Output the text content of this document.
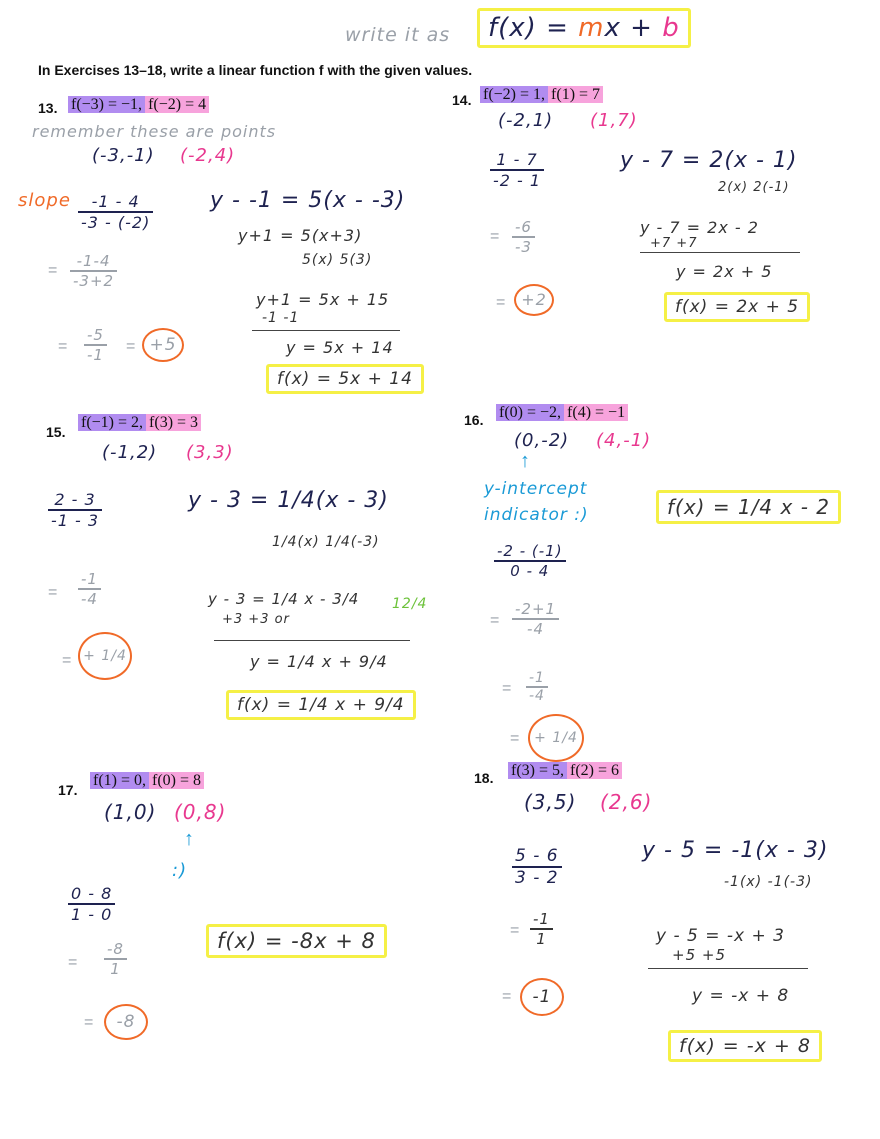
write it as	f(x) = mx + b
In Exercises 13–18, write a linear function f with the given values.
13. f(−3) = −1, f(−2) = 4
remember these are points
(-3,-1) (-2,4)
slope $\frac{-1 - 4}{-3 - (-2)}$
= $\frac{-1-4}{-3+2}$
= $\frac{-5}{-1} = +5$
y - -1 = 5(x - -3)
y+1 = 5(x+3)
5(x) 5(3)
y+1 = 5x + 15
-1 -1
y = 5x + 14
f(x) = 5x + 14
14. f(−2) = 1, f(1) = 7
(-2,1) (1,7)
$\frac{1 - 7}{-2 - 1}$
= $\frac{-6}{-3}$
= +2
y - 7 = 2(x - 1)
2(x) 2(-1)
y - 7 = 2x - 2
+7 +7
y = 2x + 5
f(x) = 2x + 5
15.
f(−1) = 2, f(3) = 3
(-1,2) (3,3)
$\frac{2 - 3}{-1 - 3}$
= $\frac{-1}{-4}$
= + 1/4
y - 3 = 1/4(x - 3)
1/4(x) 1/4(-3)
y - 3 = 1/4 x - 3/4
+3 +3 or
12/4
y = 1/4 x + 9/4
f(x) = 1/4 x + 9/4
16. f(0) = −2, f(4) = −1
(0,-2) (4,-1)
↑
y-intercept indicator :)	f(x) = 1/4 x - 2
$\frac{-2 - (-1)}{0 - 4}$
= $\frac{-2+1}{-4}$
= $\frac{-1}{-4}$
=	+ 1/4
17.
f(1) = 0, f(0) = 8
(1,0) (0,8)
↑
:)
$\frac{0 - 8}{1 - 0}$
= $\frac{-8}{1}$
=	-8
f(x) = -8x + 8
18. f(3) = 5, f(2) = 6
(3,5) (2,6)
$\frac{5 - 6}{3 - 2}$
= $\frac{-1}{1}$
=	-1
y - 5 = -1(x - 3)
-1(x) -1(-3)
y - 5 = -x + 3
+5 +5
y = -x + 8
f(x) = -x + 8
